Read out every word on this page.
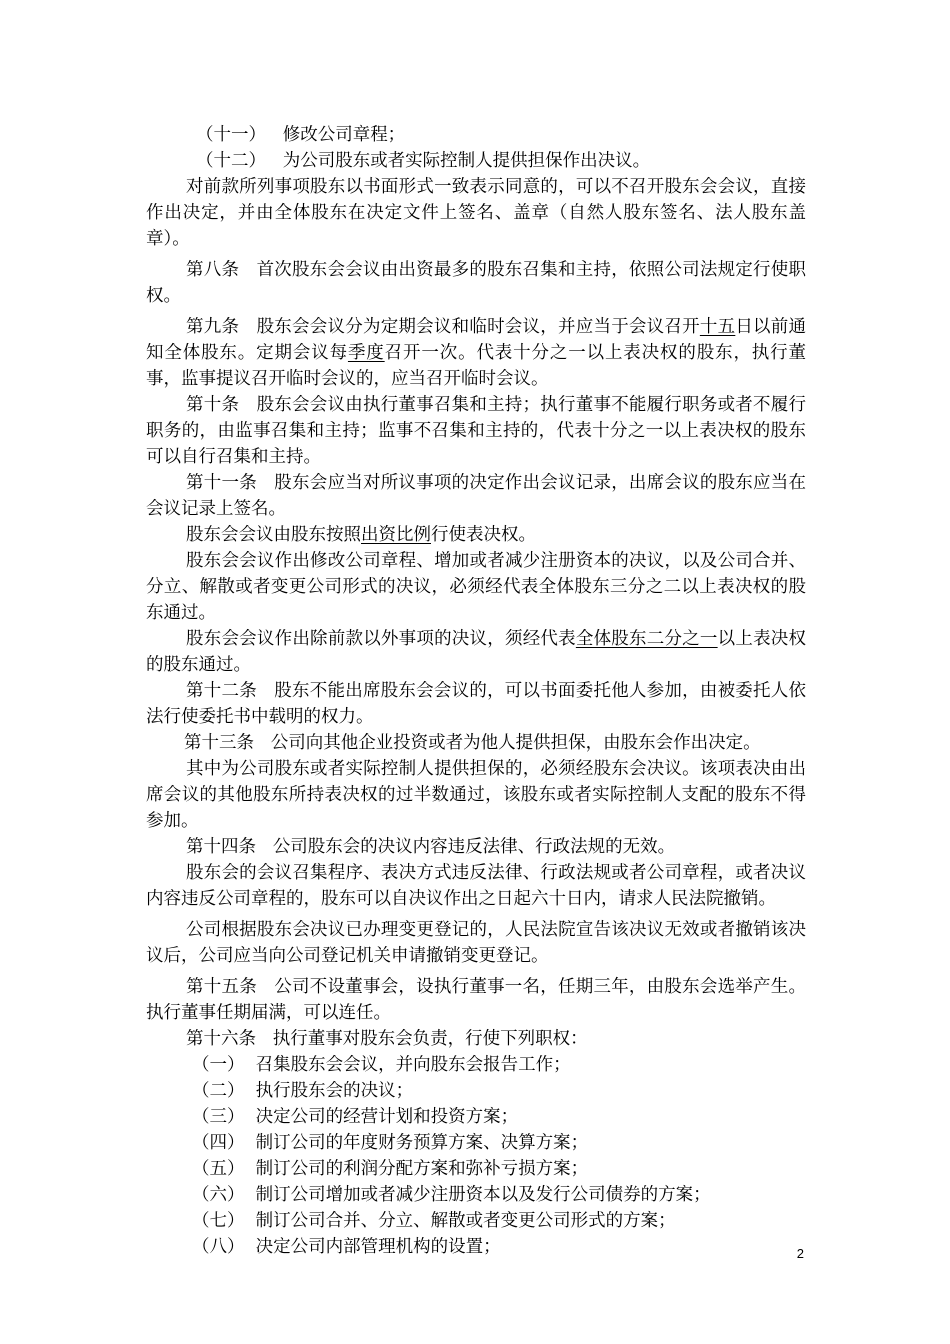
（十一）   修改公司章程；

（十二）   为公司股东或者实际控制人提供担保作出决议。

对前款所列事项股东以书面形式一致表示同意的，可以不召开股东会会议，直接作出决定，并由全体股东在决定文件上签名、盖章（自然人股东签名、法人股东盖章）。

第八条   首次股东会会议由出资最多的股东召集和主持，依照公司法规定行使职权。

第九条   股东会会议分为定期会议和临时会议，并应当于会议召开十五日以前通知全体股东。定期会议每季度召开一次。代表十分之一以上表决权的股东，执行董事，监事提议召开临时会议的，应当召开临时会议。

第十条   股东会会议由执行董事召集和主持；执行董事不能履行职务或者不履行职务的，由监事召集和主持；监事不召集和主持的，代表十分之一以上表决权的股东可以自行召集和主持。

第十一条   股东会应当对所议事项的决定作出会议记录，出席会议的股东应当在会议记录上签名。

股东会会议由股东按照出资比例行使表决权。

股东会会议作出修改公司章程、增加或者减少注册资本的决议，以及公司合并、分立、解散或者变更公司形式的决议，必须经代表全体股东三分之二以上表决权的股东通过。

股东会会议作出除前款以外事项的决议，须经代表全体股东二分之一以上表决权的股东通过。

第十二条   股东不能出席股东会会议的，可以书面委托他人参加，由被委托人依法行使委托书中载明的权力。

第十三条   公司向其他企业投资或者为他人提供担保，由股东会作出决定。

其中为公司股东或者实际控制人提供担保的，必须经股东会决议。该项表决由出席会议的其他股东所持表决权的过半数通过，该股东或者实际控制人支配的股东不得参加。

第十四条   公司股东会的决议内容违反法律、行政法规的无效。

股东会的会议召集程序、表决方式违反法律、行政法规或者公司章程，或者决议内容违反公司章程的，股东可以自决议作出之日起六十日内，请求人民法院撤销。

公司根据股东会决议已办理变更登记的，人民法院宣告该决议无效或者撤销该决议后，公司应当向公司登记机关申请撤销变更登记。

第十五条   公司不设董事会，设执行董事一名，任期三年，由股东会选举产生。执行董事任期届满，可以连任。

第十六条   执行董事对股东会负责，行使下列职权：

（一）  召集股东会会议，并向股东会报告工作；

（二）  执行股东会的决议；

（三）  决定公司的经营计划和投资方案；

（四）  制订公司的年度财务预算方案、决算方案；

（五）  制订公司的利润分配方案和弥补亏损方案；

（六）  制订公司增加或者减少注册资本以及发行公司债券的方案；

（七）  制订公司合并、分立、解散或者变更公司形式的方案；

（八）  决定公司内部管理机构的设置；	2
